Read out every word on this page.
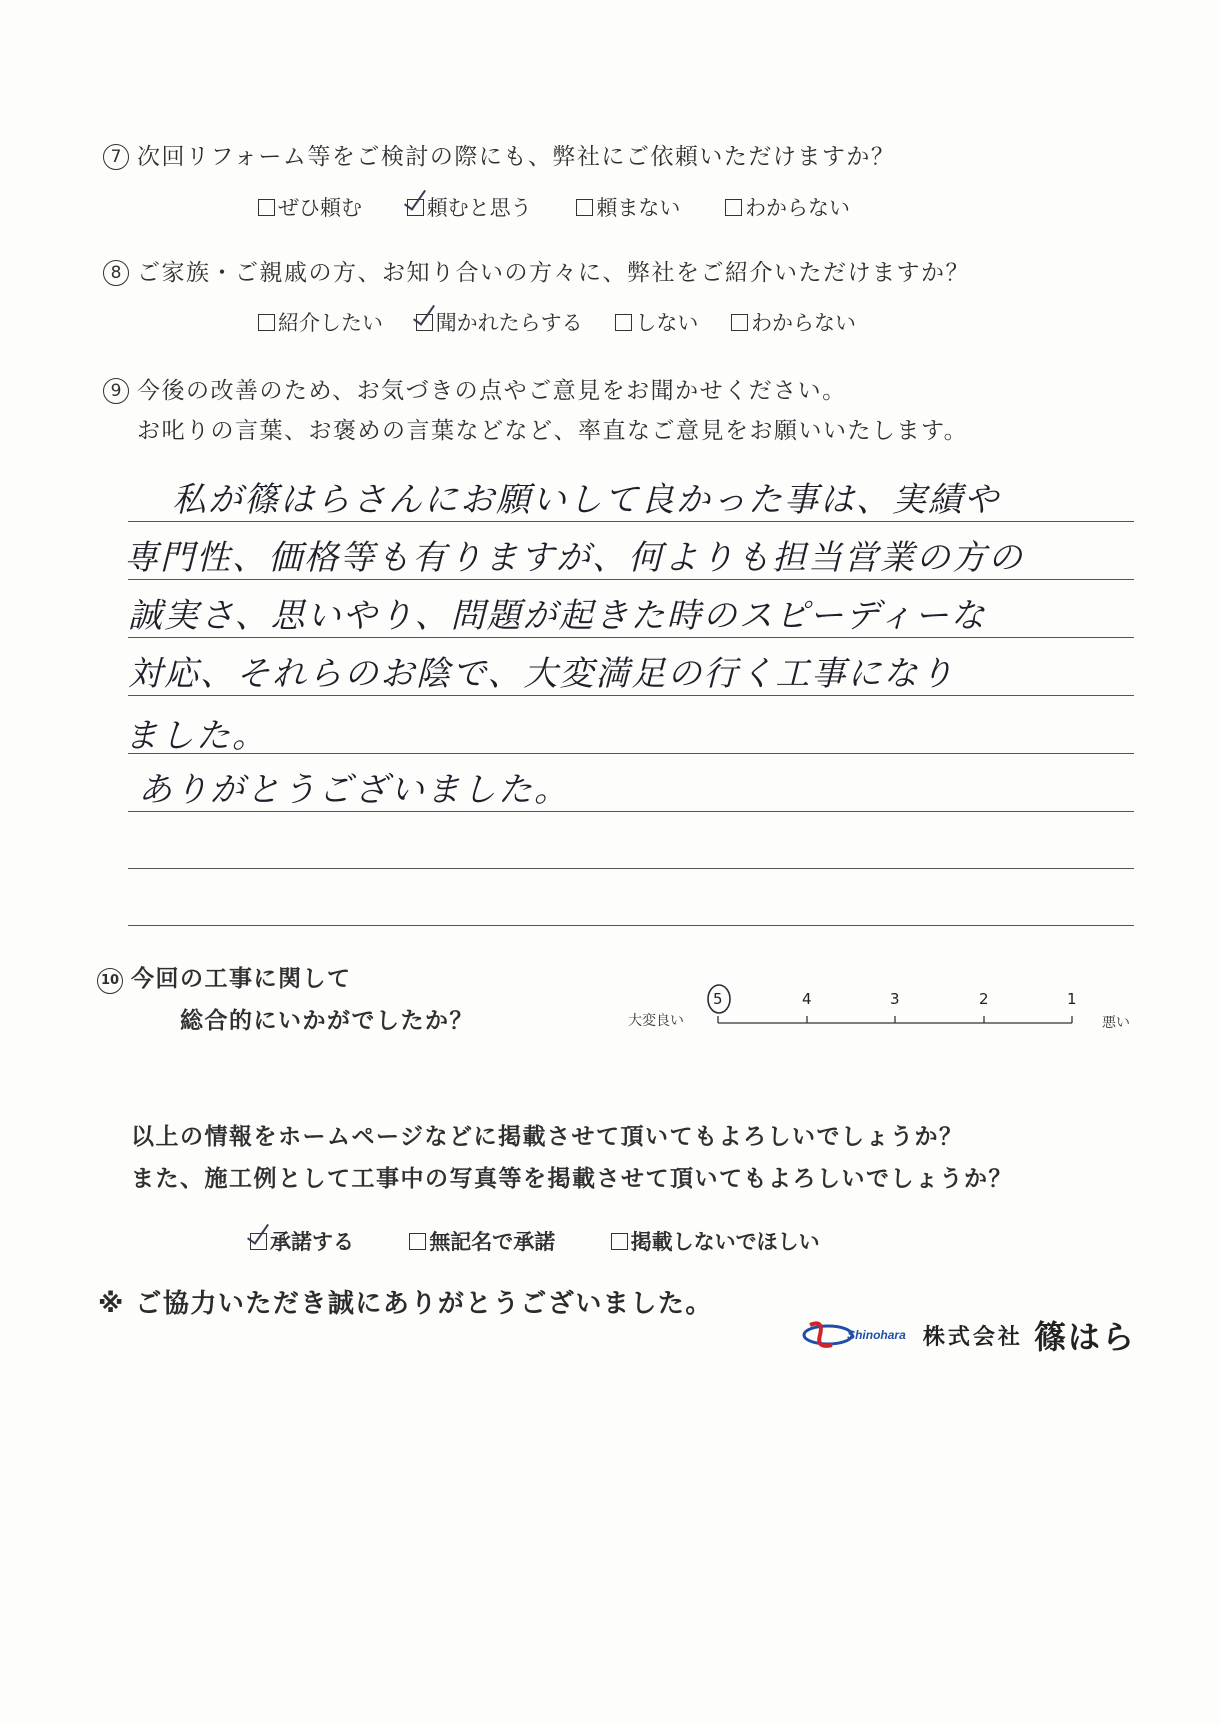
7 次回リフォーム等をご検討の際にも、弊社にご依頼いただけますか？
ぜひ頼む	頼むと思う	頼まない	わからない
8 ご家族・ご親戚の方、お知り合いの方々に、弊社をご紹介いただけますか？
紹介したい	聞かれたらする	しない	わからない
9 今後の改善のため、お気づきの点やご意見をお聞かせください。
お叱りの言葉、お褒めの言葉などなど、率直なご意見をお願いいたします。
私が篠はらさんにお願いして良かった事は、実績や
専門性、価格等も有りますが、何よりも担当営業の方の
誠実さ、思いやり、問題が起きた時のスピーディーな
対応、それらのお陰で、大変満足の行く工事になり
ました。
ありがとうございました。
10 今回の工事に関して
総合的にいかがでしたか？	大変良い	悪い
5	4	3	2	1
以上の情報をホームページなどに掲載させて頂いてもよろしいでしょうか？
また、施工例として工事中の写真等を掲載させて頂いてもよろしいでしょうか？
承諾する	無記名で承諾	掲載しないでほしい
※ ご協力いただき誠にありがとうございました。
Shinohara 株式会社 篠はら
